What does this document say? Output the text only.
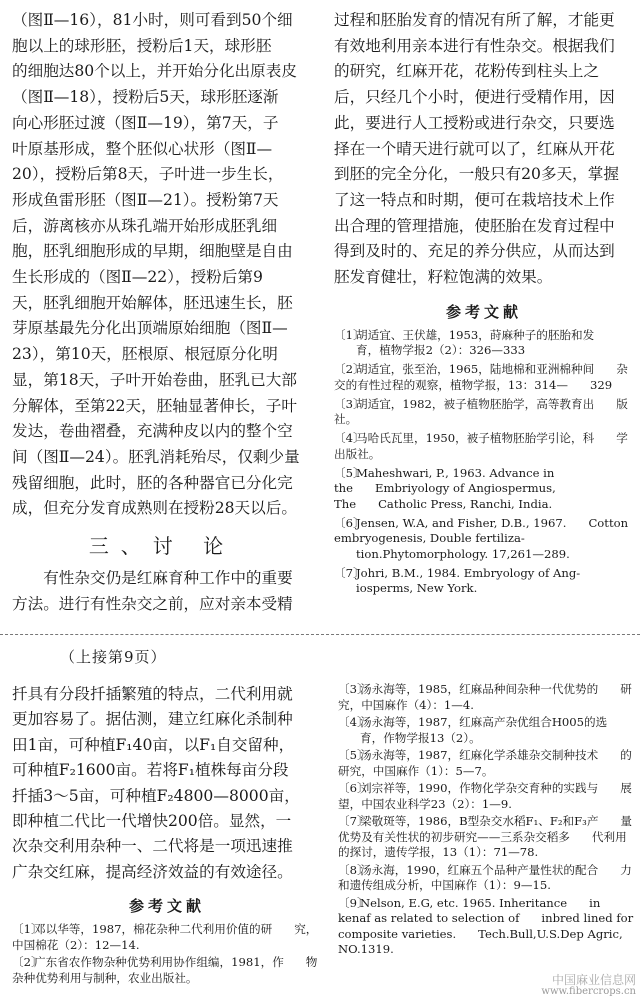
（图Ⅱ—16），81小时，则可看到50个细
胞以上的球形胚，授粉后1天，球形胚
的细胞达80个以上，并开始分化出原表皮
（图Ⅱ—18），授粉后5天，球形胚逐渐
向心形胚过渡（图Ⅱ—19），第7天，子
叶原基形成，整个胚似心状形（图Ⅱ—
20），授粉后第8天，子叶进一步生长，
形成鱼雷形胚（图Ⅱ—21）。授粉第7天
后，游离核亦从珠孔端开始形成胚乳细
胞，胚乳细胞形成的早期，细胞壁是自由
生长形成的（图Ⅱ—22），授粉后第9
天，胚乳细胞开始解体，胚迅速生长，胚
芽原基最先分化出顶端原始细胞（图Ⅱ—
23），第10天，胚根原、根冠原分化明
显，第18天，子叶开始卷曲，胚乳已大部
分解体，至第22天，胚轴显著伸长，子叶
发达，卷曲褶叠，充满种皮以内的整个空
间（图Ⅱ—24）。胚乳消耗殆尽，仅剩少量
残留细胞，此时，胚的各种器官已分化完
成，但充分发育成熟则在授粉28天以后。
三、讨 论
　　有性杂交仍是红麻育种工作中的重要
方法。进行有性杂交之前，应对亲本受精
过程和胚胎发育的情况有所了解，才能更
有效地利用亲本进行有性杂交。根据我们
的研究，红麻开花，花粉传到柱头上之
后，只经几个小时，便进行受精作用，因
此，要进行人工授粉或进行杂交，只要选
择在一个晴天进行就可以了，红麻从开花
到胚的完全分化，一般只有20多天，掌握
了这一特点和时期，便可在栽培技术上作
出合理的管理措施，使胚胎在发育过程中
得到及时的、充足的养分供应，从而达到
胚发育健壮，籽粒饱满的效果。
参考文献
〔1〕胡适宜、王伏雄，1953，莳麻种子的胚胎和发育，植物学报2（2）：326—333
〔2〕胡适宜，张至治，1965，陆地棉和亚洲棉种间 杂交的有性过程的观察，植物学报，13：314— 329
〔3〕胡适宜，1982，被子植物胚胎学，高等教育出 版社。
〔4〕马哈氏瓦里，1950，被子植物胚胎学引论，科 学出版社。
〔5〕Maheshwari, P., 1963. Advance in the Embriyology of Angiospermus, The Catholic Press, Ranchi, India.
〔6〕Jensen, W.A, and Fisher, D.B., 1967. Cotton embryogenesis, Double fertiliza-tion.Phytomorphology. 17,261—289.
〔7〕Johri, B.M., 1984. Embryology of Ang-iosperms, New York.
（上接第9页）
扦具有分段扦插繁殖的特点，二代利用就
更加容易了。据估测，建立红麻化杀制种
田1亩，可种植F₁40亩，以F₁自交留种，
可种植F₂1600亩。若将F₁植株每亩分段
扦插3～5亩，可种植F₂4800—8000亩，
即种植二代比一代增快200倍。显然，一
次杂交利用杂种一、二代将是一项迅速推
广杂交红麻，提高经济效益的有效途径。
参考文献
〔1〕邓以华等，1987，棉花杂种二代利用价值的研 究，中国棉花（2）：12—14.
〔2〕广东省农作物杂种优势利用协作组编，1981，作 物杂种优势利用与制种，农业出版社。
〔3〕汤永海等，1985，红麻品种间杂种一代优势的 研究，中国麻作（4）：1—4.
〔4〕汤永海等，1987，红麻高产杂优组合H005的选育，作物学报13（2）。
〔5〕汤永海等，1987，红麻化学杀雄杂交制种技术 的研究，中国麻作（1）：5—7。
〔6〕刘宗祥等，1990，作物化学杂交育种的实践与 展望，中国农业科学23（2）：1—9.
〔7〕梁敬斑等，1986，B型杂交水稻F₁、F₂和F₃产 量优势及有关性状的初步研究——三系杂交稻多 代利用的探讨，遗传学报，13（1）：71—78.
〔8〕汤永海，1990，红麻五个品种产量性状的配合 力和遗传组成分析，中国麻作（1）：9—15.
〔9〕Nelson, E.G, etc. 1965. Inheritance in kenaf as related to selection of inbred lined for composite varieties. Tech.Bull,U.S.Dep Agric, NO.1319.
中国麻业信息网
www.fibercrops.cn
